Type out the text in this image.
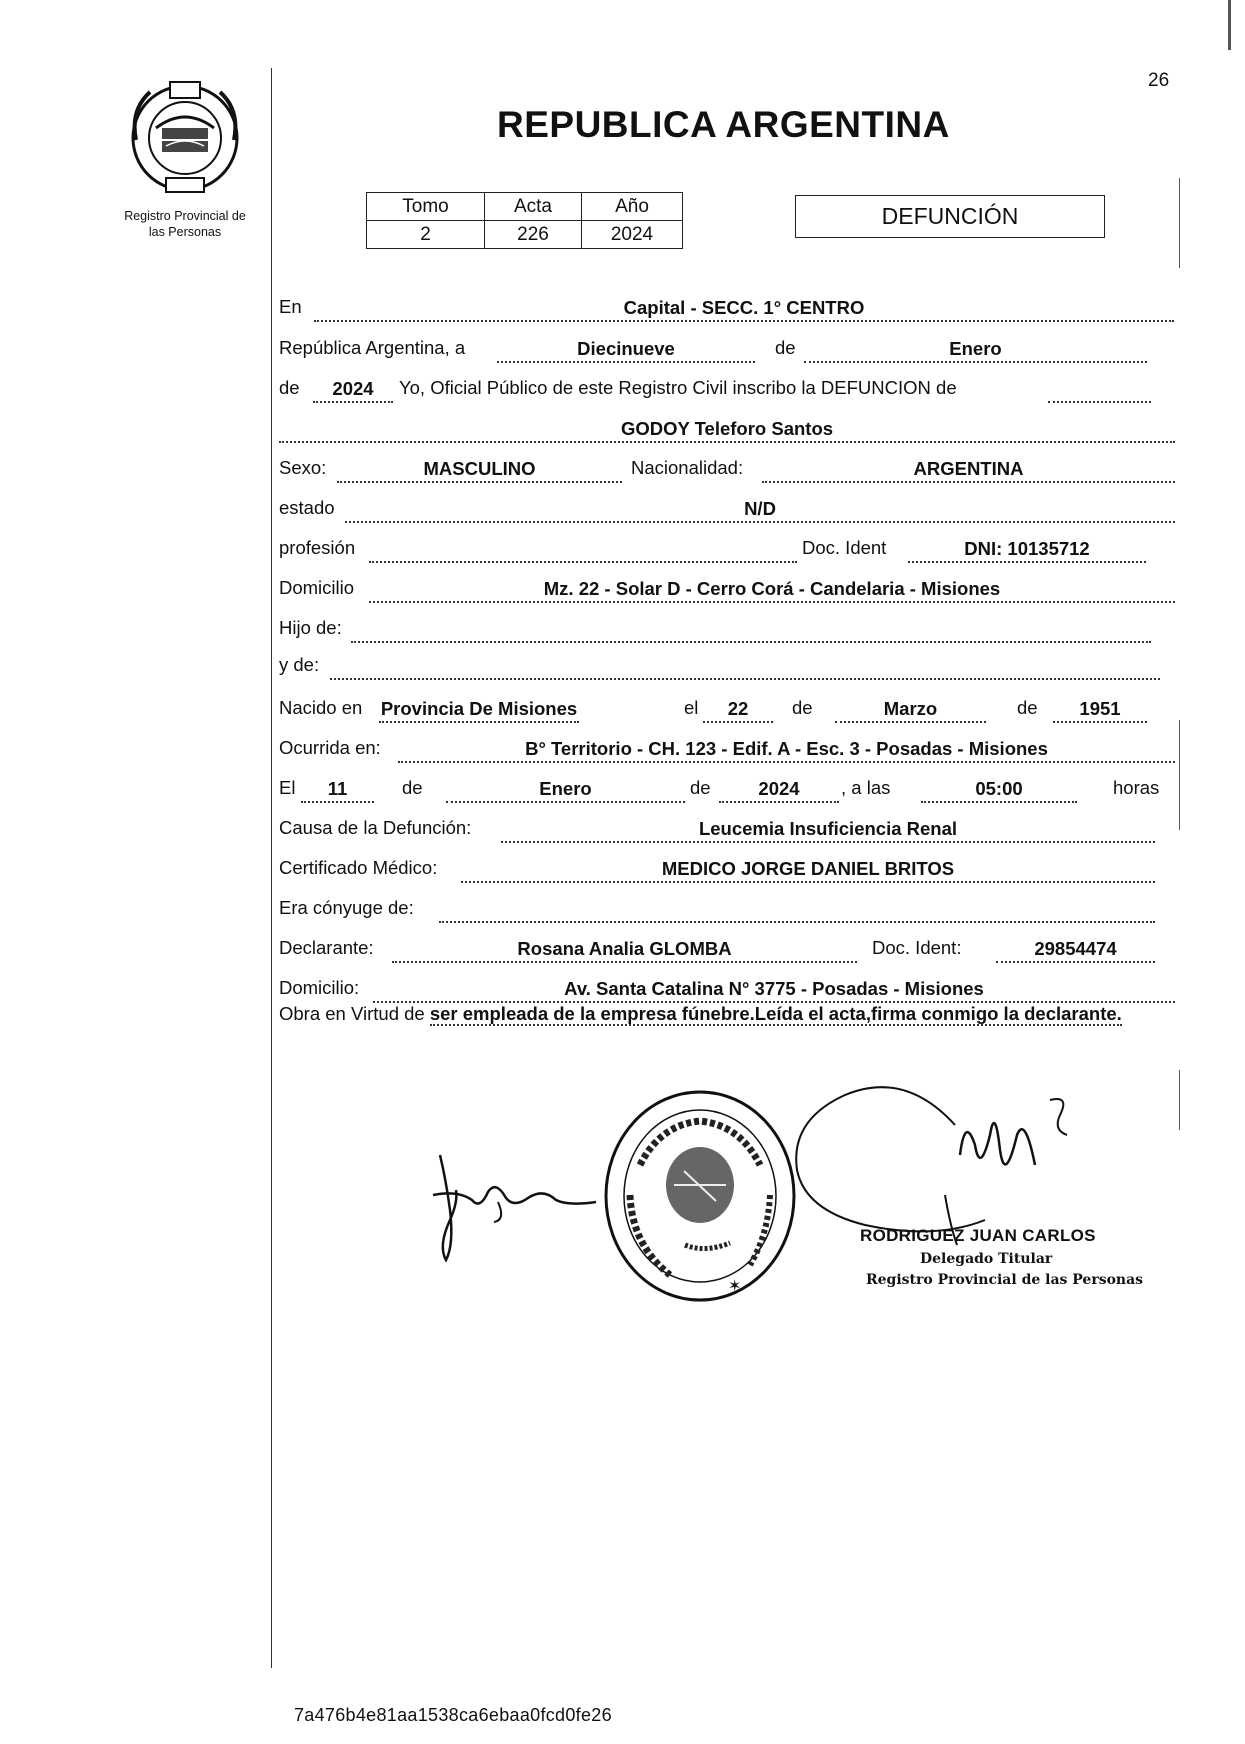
26
Registro Provincial de
las Personas
REPUBLICA ARGENTINA
Tomo	Acta	Año
2	226	2024
DEFUNCIÓN
En	Capital - SECC. 1° CENTRO
República Argentina, a	Diecinueve	de	Enero
de	2024	Yo, Oficial Público de este Registro Civil inscribo la DEFUNCION de
GODOY Teleforo Santos
Sexo:	MASCULINO	Nacionalidad:	ARGENTINA
estado	N/D
profesión	Doc. Ident	DNI: 10135712
Domicilio	Mz. 22 - Solar D - Cerro Corá - Candelaria - Misiones
Hijo de:
y de:
Nacido en Provincia De Misiones	el	22	de	Marzo	de	1951
Ocurrida en:	B° Territorio - CH. 123 - Edif. A - Esc. 3 - Posadas - Misiones
El	11	de	Enero	de	2024	, a las	05:00	horas
Causa de la Defunción:	Leucemia Insuficiencia Renal
Certificado Médico:	MEDICO JORGE DANIEL BRITOS
Era cónyuge de:
Declarante:	Rosana Analia GLOMBA	Doc. Ident:	29854474
Domicilio:	Av. Santa Catalina N° 3775 - Posadas - Misiones
Obra en Virtud de ser empleada de la empresa fúnebre.Leída el acta,firma conmigo la declarante.
✶
RODRIGUEZ JUAN CARLOS
Delegado Titular
Registro Provincial de las Personas
7a476b4e81aa1538ca6ebaa0fcd0fe26
